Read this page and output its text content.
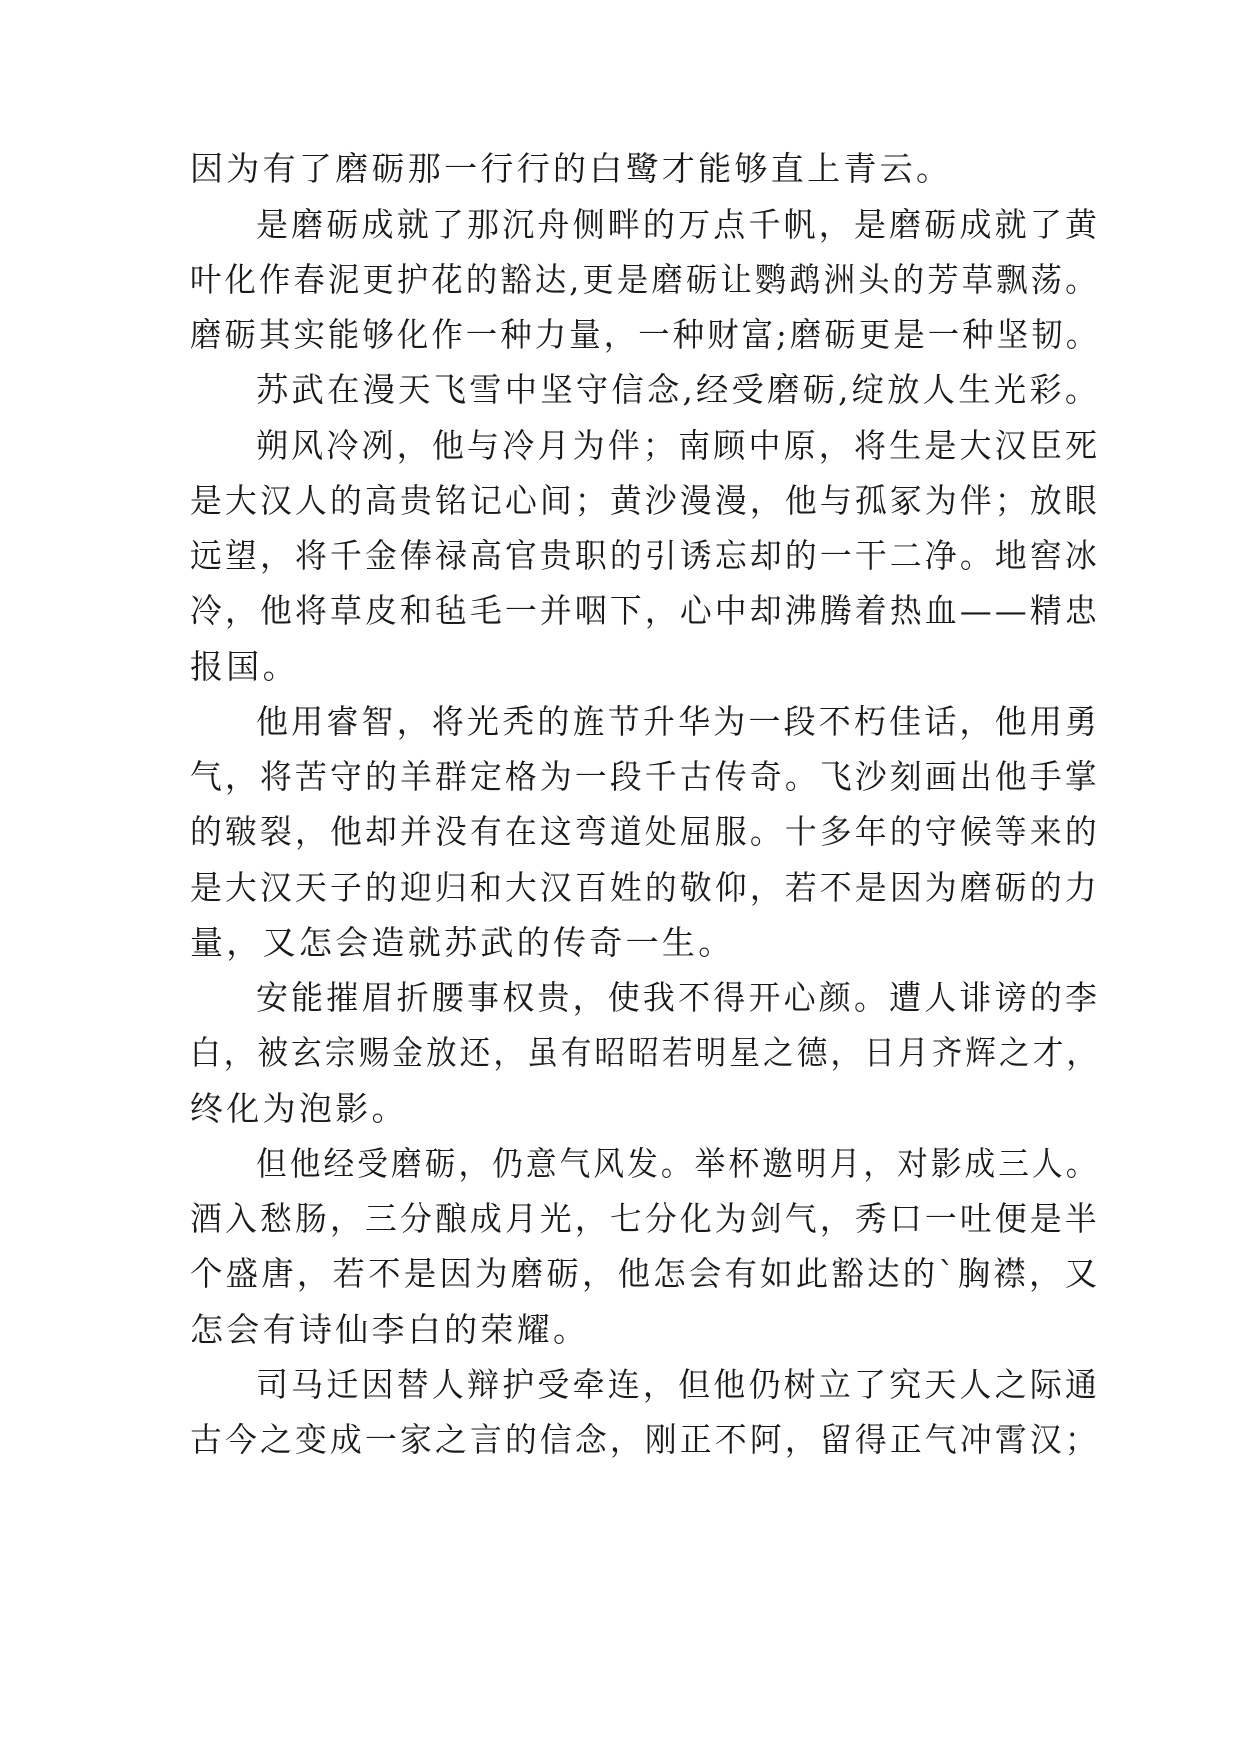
因为有了磨砺那一行行的白鹭才能够直上青云。
是磨砺成就了那沉舟侧畔的万点千帆，是磨砺成就了黄
叶化作春泥更护花的豁达,更是磨砺让鹦鹉洲头的芳草飘荡。
磨砺其实能够化作一种力量，一种财富;磨砺更是一种坚韧。
苏武在漫天飞雪中坚守信念,经受磨砺,绽放人生光彩。
朔风冷冽，他与冷月为伴；南顾中原，将生是大汉臣死
是大汉人的高贵铭记心间；黄沙漫漫，他与孤冢为伴；放眼
远望，将千金俸禄高官贵职的引诱忘却的一干二净。地窖冰
冷，他将草皮和毡毛一并咽下，心中却沸腾着热血——精忠
报国。
他用睿智，将光秃的旌节升华为一段不朽佳话，他用勇
气，将苦守的羊群定格为一段千古传奇。飞沙刻画出他手掌
的皲裂，他却并没有在这弯道处屈服。十多年的守候等来的
是大汉天子的迎归和大汉百姓的敬仰，若不是因为磨砺的力
量，又怎会造就苏武的传奇一生。
安能摧眉折腰事权贵，使我不得开心颜。遭人诽谤的李
白，被玄宗赐金放还，虽有昭昭若明星之德，日月齐辉之才，
终化为泡影。
但他经受磨砺，仍意气风发。举杯邀明月，对影成三人。
酒入愁肠，三分酿成月光，七分化为剑气，秀口一吐便是半
个盛唐，若不是因为磨砺，他怎会有如此豁达的`胸襟，又
怎会有诗仙李白的荣耀。
司马迁因替人辩护受牵连，但他仍树立了究天人之际通
古今之变成一家之言的信念，刚正不阿，留得正气冲霄汉；
